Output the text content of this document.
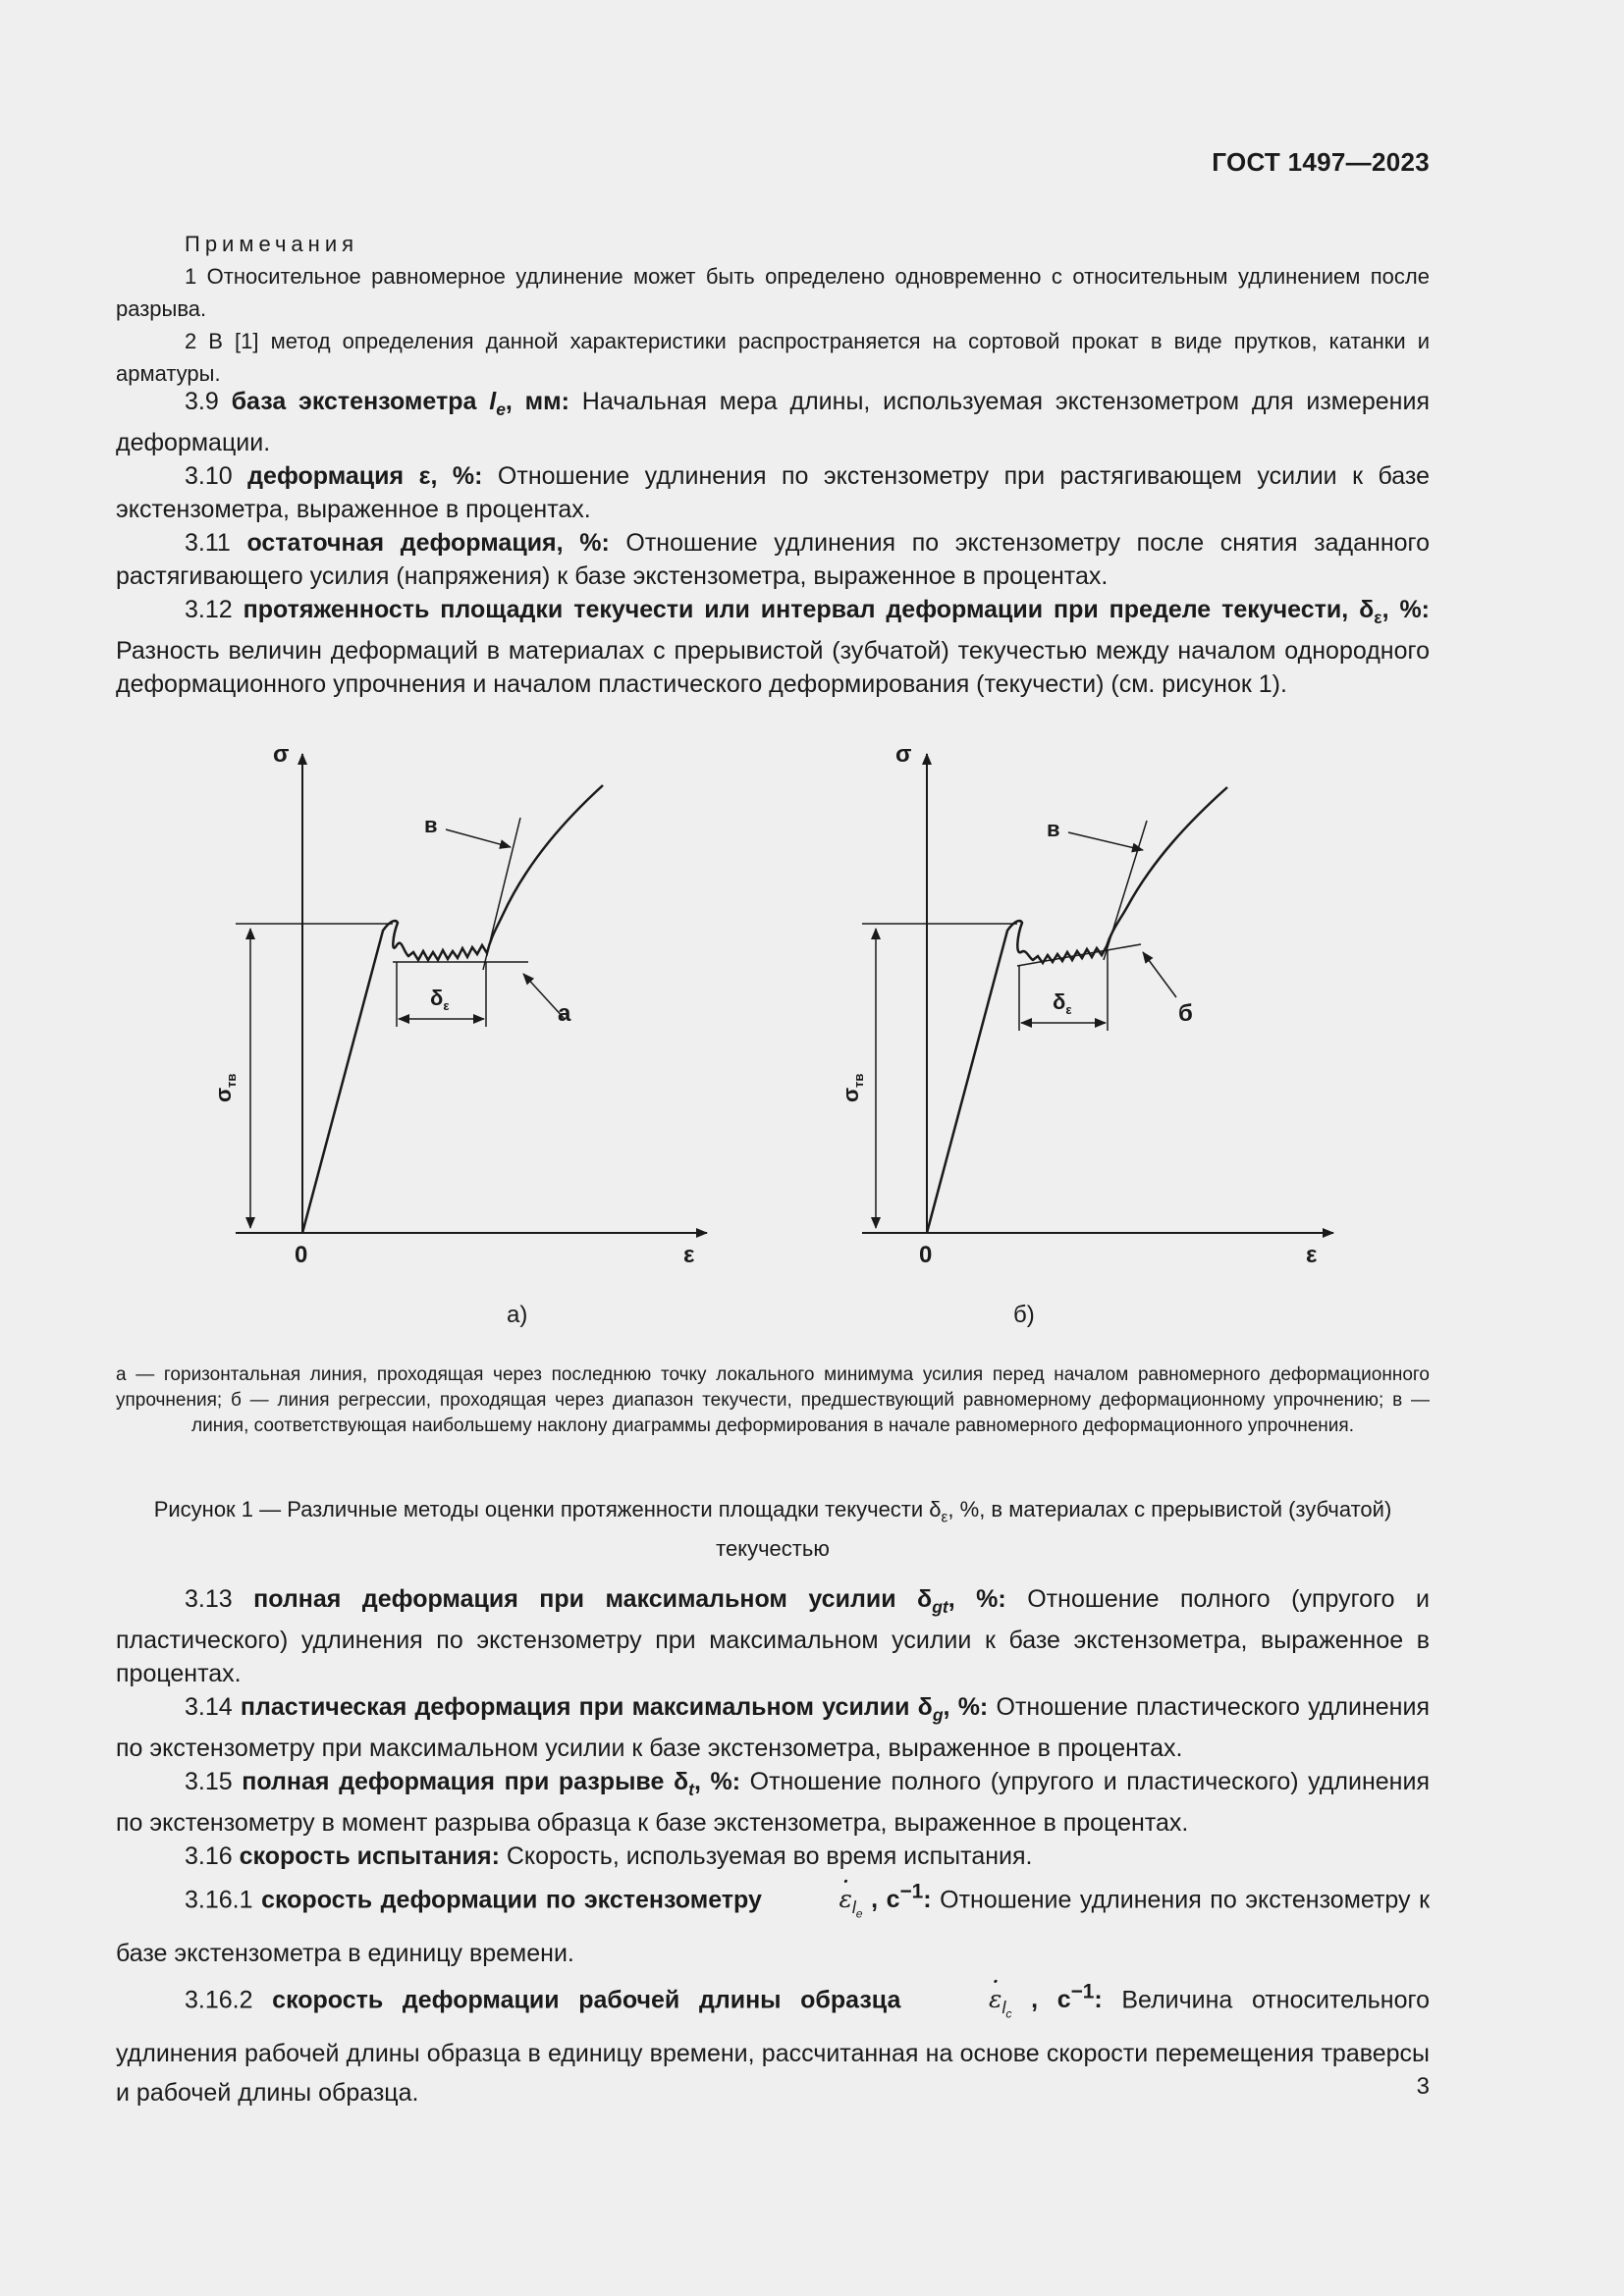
ГОСТ 1497—2023
Примечания

1 Относительное равномерное удлинение может быть определено одновременно с относительным удлинением после разрыва.

2 В [1] метод определения данной характеристики распространяется на сортовой прокат в виде прутков, катанки и арматуры.

3.9 база экстензометра $l_e$, мм: Начальная мера длины, используемая экстензометром для измерения деформации.

3.10 деформация ε, %: Отношение удлинения по экстензометру при растягивающем усилии к базе экстензометра, выраженное в процентах.

3.11 остаточная деформация, %: Отношение удлинения по экстензометру после снятия заданного растягивающего усилия (напряжения) к базе экстензометра, выраженное в процентах.

3.12 протяженность площадки текучести или интервал деформации при пределе текучести, $\delta_\varepsilon$, %: Разность величин деформаций в материалах с прерывистой (зубчатой) текучестью между началом однородного деформационного упрочнения и началом пластического деформирования (текучести) (см. рисунок 1).

σ
0	ε
в
а
$\delta_\varepsilon$
$\sigma_{тв}$
σ
0	ε
в
б
$\delta_\varepsilon$
$\sigma_{тв}$
а)	б)
а — горизонтальная линия, проходящая через последнюю точку локального минимума усилия перед началом равномерного деформационного упрочнения; б — линия регрессии, проходящая через диапазон текучести, предшествующий равномерному деформационному упрочнению; в — линия, соответствующая наибольшему наклону диаграммы деформирования в начале равномерного деформационного упрочнения.
Рисунок 1 — Различные методы оценки протяженности площадки текучести $\delta_\varepsilon$, %, в материалах с прерывистой (зубчатой) текучестью

3.13 полная деформация при максимальном усилии $\delta_{gt}$, %: Отношение полного (упругого и пластического) удлинения по экстензометру при максимальном усилии к базе экстензометра, выраженное в процентах.

3.14 пластическая деформация при максимальном усилии $\delta_g$, %: Отношение пластического удлинения по экстензометру при максимальном усилии к базе экстензометра, выраженное в процентах.

3.15 полная деформация при разрыве $\delta_t$, %: Отношение полного (упругого и пластического) удлинения по экстензометру в момент разрыва образца к базе экстензометра, выраженное в процентах.

3.16 скорость испытания: Скорость, используемая во время испытания.

3.16.1 скорость деформации по экстензометру	· $\varepsilon_{l_e}$ , $с^{-1}$: Отношение удлинения по экстензометру к базе экстензометра в единицу времени.

3.16.2 скорость деформации рабочей длины образца	· $\varepsilon_{l_c}$ , $с^{-1}$: Величина относительного удлинения рабочей длины образца в единицу времени, рассчитанная на основе скорости перемещения траверсы и рабочей длины образца.	3
